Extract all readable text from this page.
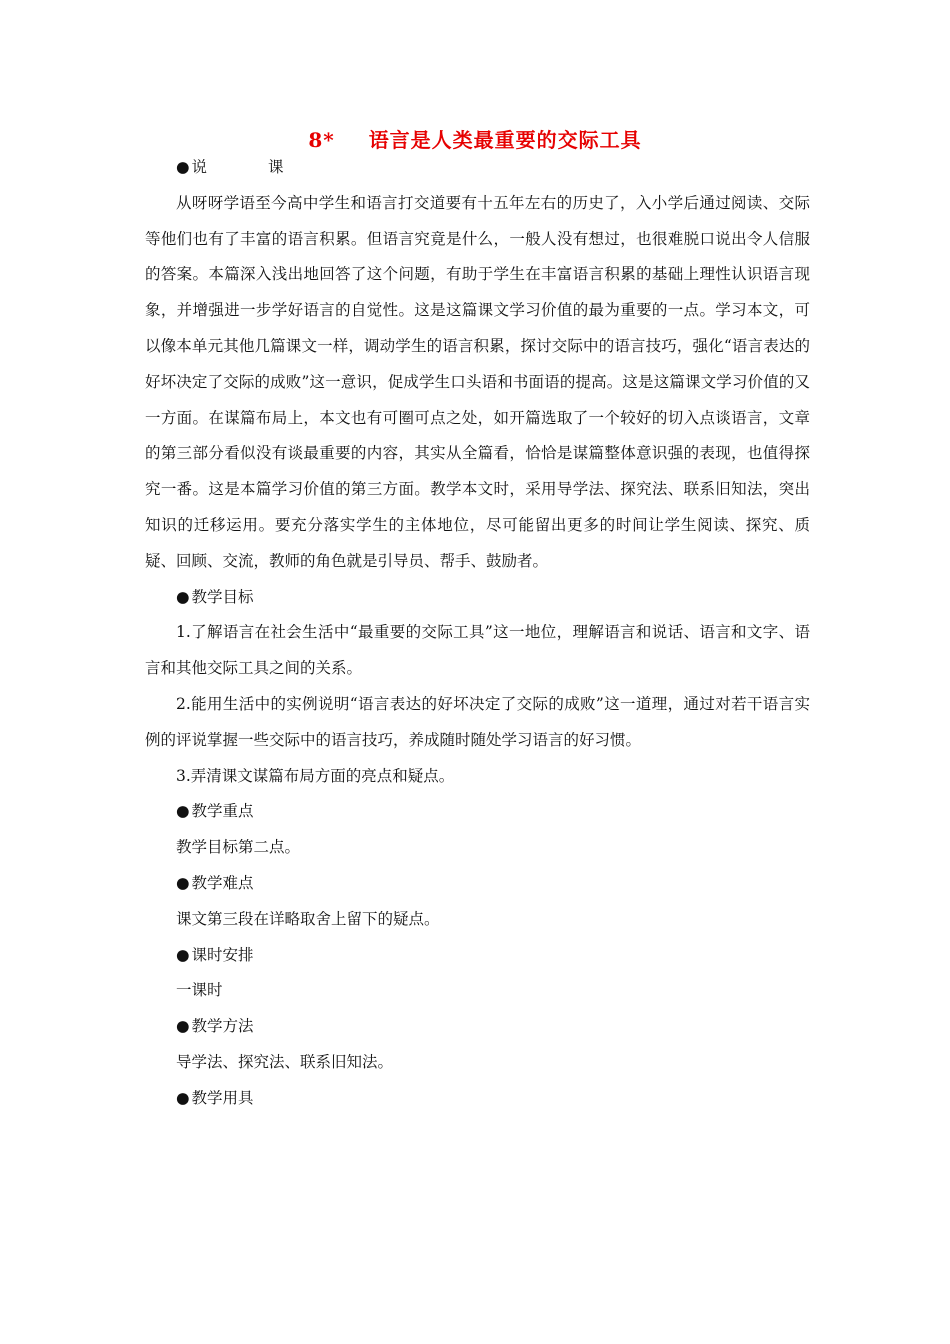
8* 语言是人类最重要的交际工具
● 说 课

从呀呀学语至今高中学生和语言打交道要有十五年左右的历史了，入小学后通过阅读、交际等他们也有了丰富的语言积累。但语言究竟是什么，一般人没有想过，也很难脱口说出令人信服的答案。本篇深入浅出地回答了这个问题，有助于学生在丰富语言积累的基础上理性认识语言现象，并增强进一步学好语言的自觉性。这是这篇课文学习价值的最为重要的一点。学习本文，可以像本单元其他几篇课文一样，调动学生的语言积累，探讨交际中的语言技巧，强化“语言表达的好坏决定了交际的成败”这一意识，促成学生口头语和书面语的提高。这是这篇课文学习价值的又一方面。在谋篇布局上，本文也有可圈可点之处，如开篇选取了一个较好的切入点谈语言，文章的第三部分看似没有谈最重要的内容，其实从全篇看，恰恰是谋篇整体意识强的表现，也值得探究一番。这是本篇学习价值的第三方面。教学本文时，采用导学法、探究法、联系旧知法，突出知识的迁移运用。要充分落实学生的主体地位，尽可能留出更多的时间让学生阅读、探究、质疑、回顾、交流，教师的角色就是引导员、帮手、鼓励者。

● 教学目标

1.了解语言在社会生活中“最重要的交际工具”这一地位，理解语言和说话、语言和文字、语言和其他交际工具之间的关系。

2.能用生活中的实例说明“语言表达的好坏决定了交际的成败”这一道理，通过对若干语言实例的评说掌握一些交际中的语言技巧，养成随时随处学习语言的好习惯。

3.弄清课文谋篇布局方面的亮点和疑点。

● 教学重点

教学目标第二点。

● 教学难点

课文第三段在详略取舍上留下的疑点。

● 课时安排

一课时

● 教学方法

导学法、探究法、联系旧知法。

● 教学用具
